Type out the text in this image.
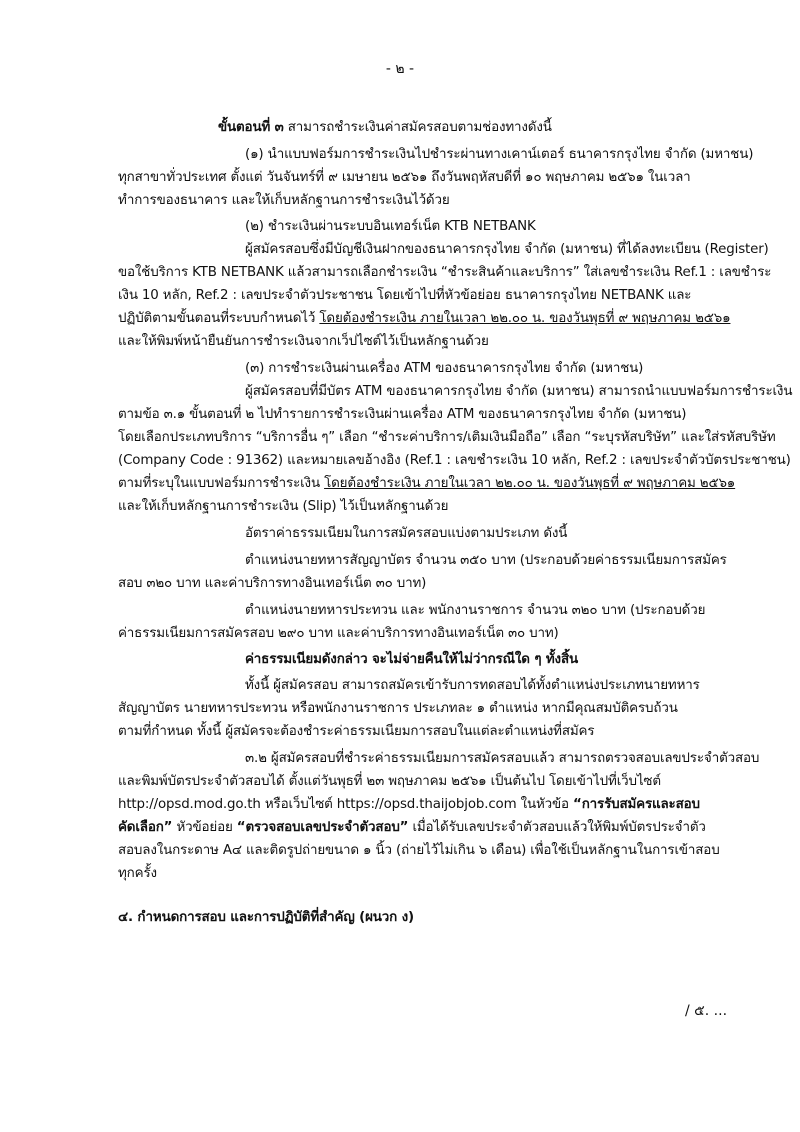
- ๒ -
ขั้นตอนที่ ๓ สามารถชำระเงินค่าสมัครสอบตามช่องทางดังนี้
(๑) นำแบบฟอร์มการชำระเงินไปชำระผ่านทางเคาน์เตอร์ ธนาคารกรุงไทย จำกัด (มหาชน)
ทุกสาขาทั่วประเทศ ตั้งแต่ วันจันทร์ที่ ๙ เมษายน ๒๕๖๑ ถึงวันพฤหัสบดีที่ ๑๐ พฤษภาคม ๒๕๖๑ ในเวลา
ทำการของธนาคาร และให้เก็บหลักฐานการชำระเงินไว้ด้วย
(๒) ชำระเงินผ่านระบบอินเทอร์เน็ต KTB NETBANK
ผู้สมัครสอบซึ่งมีบัญชีเงินฝากของธนาคารกรุงไทย จำกัด (มหาชน) ที่ได้ลงทะเบียน (Register)
ขอใช้บริการ KTB NETBANK แล้วสามารถเลือกชำระเงิน “ชำระสินค้าและบริการ” ใส่เลขชำระเงิน Ref.1 : เลขชำระ
เงิน 10 หลัก, Ref.2 : เลขประจำตัวประชาชน โดยเข้าไปที่หัวข้อย่อย ธนาคารกรุงไทย NETBANK และ
ปฏิบัติตามขั้นตอนที่ระบบกำหนดไว้ โดยต้องชำระเงิน ภายในเวลา ๒๒.๐๐ น. ของวันพุธที่ ๙ พฤษภาคม ๒๕๖๑
และให้พิมพ์หน้ายืนยันการชำระเงินจากเว็ปไซต์ไว้เป็นหลักฐานด้วย
(๓) การชำระเงินผ่านเครื่อง ATM ของธนาคารกรุงไทย จำกัด (มหาชน)
ผู้สมัครสอบที่มีบัตร ATM ของธนาคารกรุงไทย จำกัด (มหาชน) สามารถนำแบบฟอร์มการชำระเงิน
ตามข้อ ๓.๑ ขั้นตอนที่ ๒ ไปทำรายการชำระเงินผ่านเครื่อง ATM ของธนาคารกรุงไทย จำกัด (มหาชน)
โดยเลือกประเภทบริการ “บริการอื่น ๆ” เลือก “ชำระค่าบริการ/เติมเงินมือถือ” เลือก “ระบุรหัสบริษัท” และใส่รหัสบริษัท
(Company Code : 91362) และหมายเลขอ้างอิง (Ref.1 : เลขชำระเงิน 10 หลัก, Ref.2 : เลขประจำตัวบัตรประชาชน)
ตามที่ระบุในแบบฟอร์มการชำระเงิน โดยต้องชำระเงิน ภายในเวลา ๒๒.๐๐ น. ของวันพุธที่ ๙ พฤษภาคม ๒๕๖๑
และให้เก็บหลักฐานการชำระเงิน (Slip) ไว้เป็นหลักฐานด้วย
อัตราค่าธรรมเนียมในการสมัครสอบแบ่งตามประเภท ดังนี้
ตำแหน่งนายทหารสัญญาบัตร จำนวน ๓๕๐ บาท (ประกอบด้วยค่าธรรมเนียมการสมัคร
สอบ ๓๒๐ บาท และค่าบริการทางอินเทอร์เน็ต ๓๐ บาท)
ตำแหน่งนายทหารประทวน และ พนักงานราชการ จำนวน ๓๒๐ บาท (ประกอบด้วย
ค่าธรรมเนียมการสมัครสอบ ๒๙๐ บาท และค่าบริการทางอินเทอร์เน็ต ๓๐ บาท)
ค่าธรรมเนียมดังกล่าว จะไม่จ่ายคืนให้ไม่ว่ากรณีใด ๆ ทั้งสิ้น
ทั้งนี้ ผู้สมัครสอบ สามารถสมัครเข้ารับการทดสอบได้ทั้งตำแหน่งประเภทนายทหาร
สัญญาบัตร นายทหารประทวน หรือพนักงานราชการ ประเภทละ ๑ ตำแหน่ง หากมีคุณสมบัติครบถ้วน
ตามที่กำหนด ทั้งนี้ ผู้สมัครจะต้องชำระค่าธรรมเนียมการสอบในแต่ละตำแหน่งที่สมัคร
๓.๒ ผู้สมัครสอบที่ชำระค่าธรรมเนียมการสมัครสอบแล้ว สามารถตรวจสอบเลขประจำตัวสอบ
และพิมพ์บัตรประจำตัวสอบได้ ตั้งแต่วันพุธที่ ๒๓ พฤษภาคม ๒๕๖๑ เป็นต้นไป โดยเข้าไปที่เว็บไซต์
http://opsd.mod.go.th หรือเว็บไซต์ https://opsd.thaijobjob.com ในหัวข้อ “การรับสมัครและสอบ
คัดเลือก” หัวข้อย่อย “ตรวจสอบเลขประจำตัวสอบ” เมื่อได้รับเลขประจำตัวสอบแล้วให้พิมพ์บัตรประจำตัว
สอบลงในกระดาษ A๔ และติดรูปถ่ายขนาด ๑ นิ้ว (ถ่ายไว้ไม่เกิน ๖ เดือน) เพื่อใช้เป็นหลักฐานในการเข้าสอบ
ทุกครั้ง
๔. กำหนดการสอบ และการปฏิบัติที่สำคัญ (ผนวก ง)
/ ๕. ...
